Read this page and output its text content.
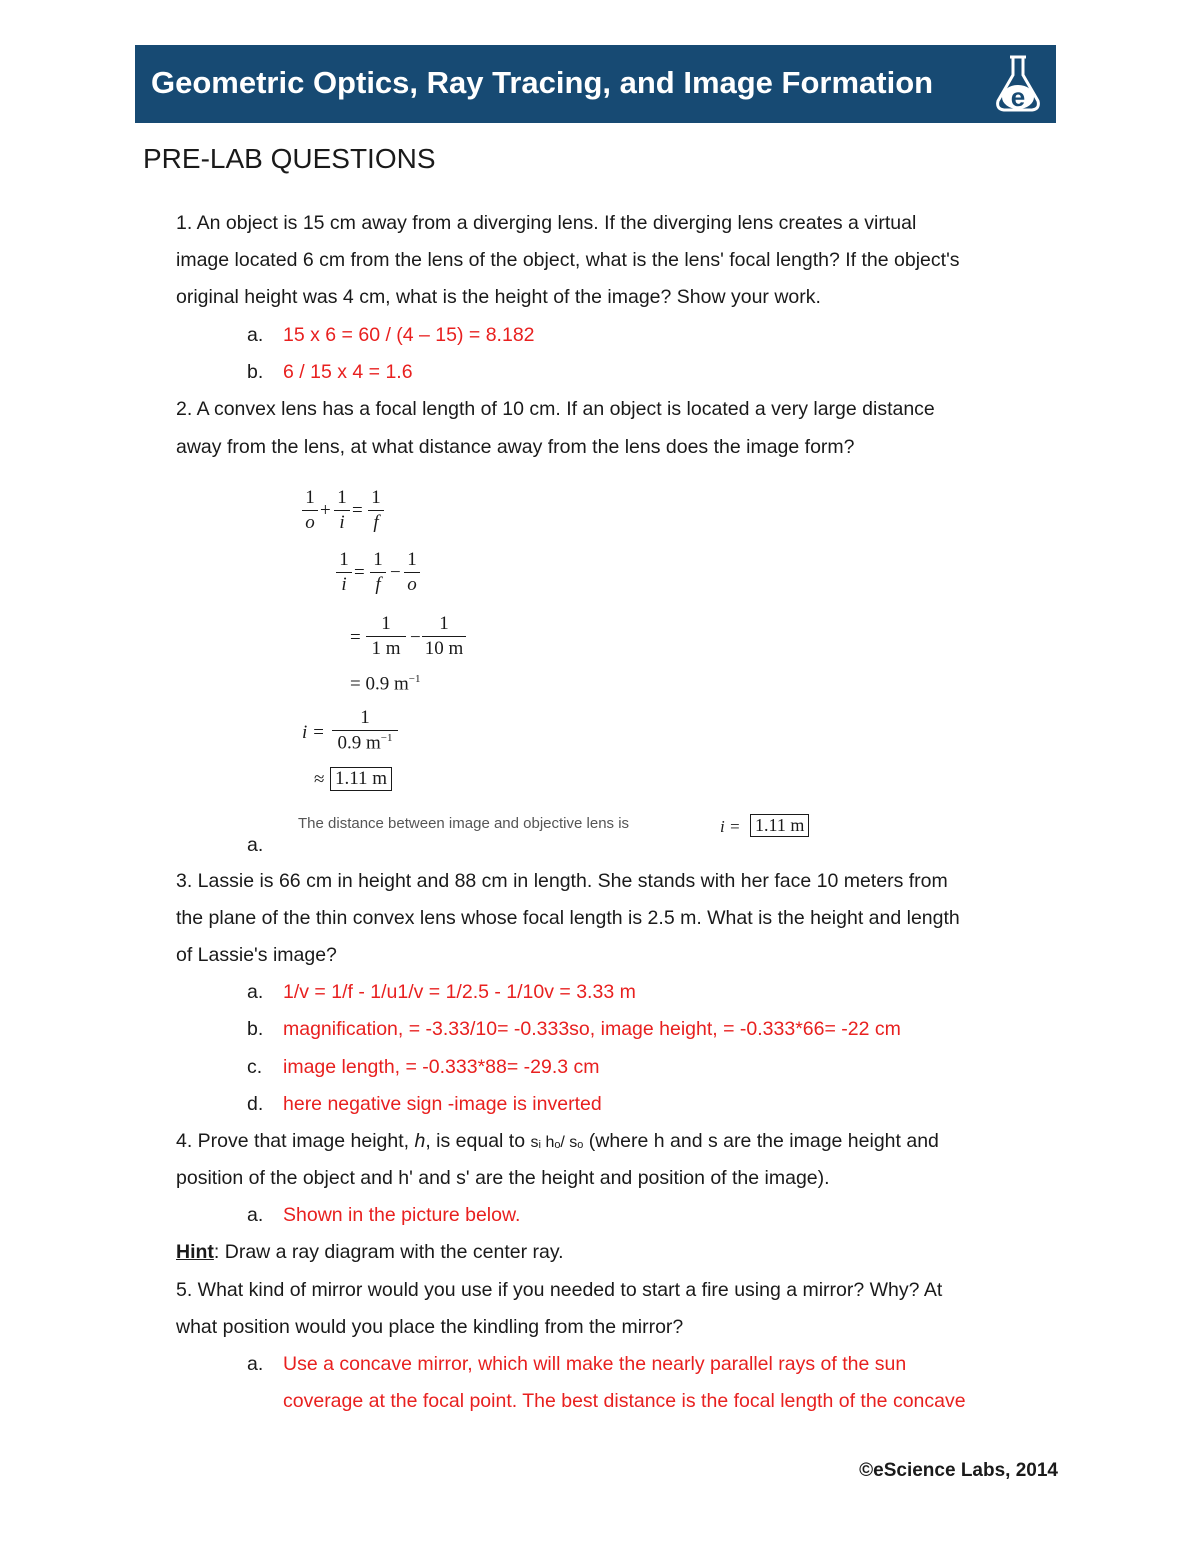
Geometric Optics, Ray Tracing, and Image Formation	e
PRE-LAB QUESTIONS
1. An object is 15 cm away from a diverging lens. If the diverging lens creates a virtual
image located 6 cm from the lens of the object, what is the lens' focal length? If the object's
original height was 4 cm, what is the height of the image? Show your work.
a. 15 x 6 = 60 / (4 – 15) = 8.182
b. 6 / 15 x 4 = 1.6
2. A convex lens has a focal length of 10 cm. If an object is located a very large distance
away from the lens, at what distance away from the lens does the image form?
1
o
+
1
i
=
1
f
1
i
=
1
f
−
1
o
=
1
1 m
−
1
10 m
= 0.9 $m^{-1}$
i =
1
0.9 $m^{-1}$
≈ 1.11 m
The distance between image and objective lens is	i = 1.11 m
a.
3. Lassie is 66 cm in height and 88 cm in length. She stands with her face 10 meters from
the plane of the thin convex lens whose focal length is 2.5 m. What is the height and length
of Lassie's image?
a. 1/v = 1/f - 1/u1/v = 1/2.5 - 1/10v = 3.33 m
b. magnification, = -3.33/10= -0.333so, image height, = -0.333*66= -22 cm
c. image length, = -0.333*88= -29.3 cm
d. here negative sign -image is inverted
4. Prove that image height, h, is equal to sᵢ hₒ/ sₒ (where h and s are the image height and
position of the object and h' and s' are the height and position of the image).
a. Shown in the picture below.
Hint: Draw a ray diagram with the center ray.
5. What kind of mirror would you use if you needed to start a fire using a mirror? Why? At
what position would you place the kindling from the mirror?
a. Use a concave mirror, which will make the nearly parallel rays of the sun
coverage at the focal point. The best distance is the focal length of the concave
©eScience Labs, 2014
